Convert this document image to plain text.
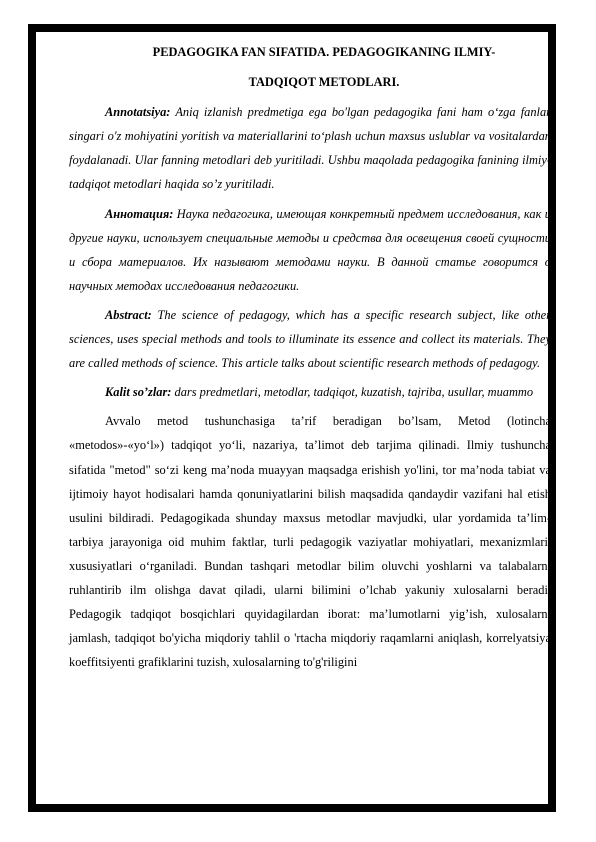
PEDAGOGIKA FAN SIFATIDA. PEDAGOGIKANING ILMIY-
TADQIQOT METODLARI.

Annotatsiya: Aniq izlanish predmetiga ega bo'lgan pedagogika fani ham o‘zga fanlar singari o'z mohiyatini yoritish va materiallarini to‘plash uchun maxsus uslublar va vositalardan foydalanadi. Ular fanning metodlari deb yuritiladi. Ushbu maqolada pedagogika fanining ilmiy-tadqiqot metodlari haqida so’z yuritiladi.

Аннотация: Наука педагогика, имеющая конкретный предмет исследования, как и другие науки, использует специальные методы и средства для освещения своей сущности и сбора материалов. Их называют методами науки. В данной статье говорится о научных методах исследования педагогики.

Abstract: The science of pedagogy, which has a specific research subject, like other sciences, uses special methods and tools to illuminate its essence and collect its materials. They are called methods of science. This article talks about scientific research methods of pedagogy.

Kalit so’zlar: dars predmetlari, metodlar, tadqiqot, kuzatish, tajriba, usullar, muammo

Avvalo metod tushunchasiga ta’rif beradigan bo’lsam, Metod (lotincha «metodos»-«yo‘l») tadqiqot yo‘li, nazariya, ta’limot deb tarjima qilinadi. Ilmiy tushuncha sifatida "metod" so‘zi keng ma’noda muayyan maqsadga erishish yo'lini, tor ma’noda tabiat va ijtimoiy hayot hodisalari hamda qonuniyatlarini bilish maqsadida qandaydir vazifani hal etish usulini bildiradi. Pedagogikada shunday maxsus metodlar mavjudki, ular yordamida ta’lim-tarbiya jarayoniga oid muhim faktlar, turli pedagogik vaziyatlar mohiyatlari, mexanizmlari, xususiyatlari o‘rganiladi. Bundan tashqari metodlar bilim oluvchi yoshlarni va talabalarni ruhlantirib ilm olishga davat qiladi, ularni bilimini o’lchab yakuniy xulosalarni beradi. Pedagogik tadqiqot bosqichlari quyidagilardan iborat: ma’lumotlarni yig’ish, xulosalarni jamlash, tadqiqot bo'yicha miqdoriy tahlil o 'rtacha miqdoriy raqamlarni aniqlash, korrelyatsiya koeffitsiyenti grafiklarini tuzish, xulosalarning to'g'riligini
